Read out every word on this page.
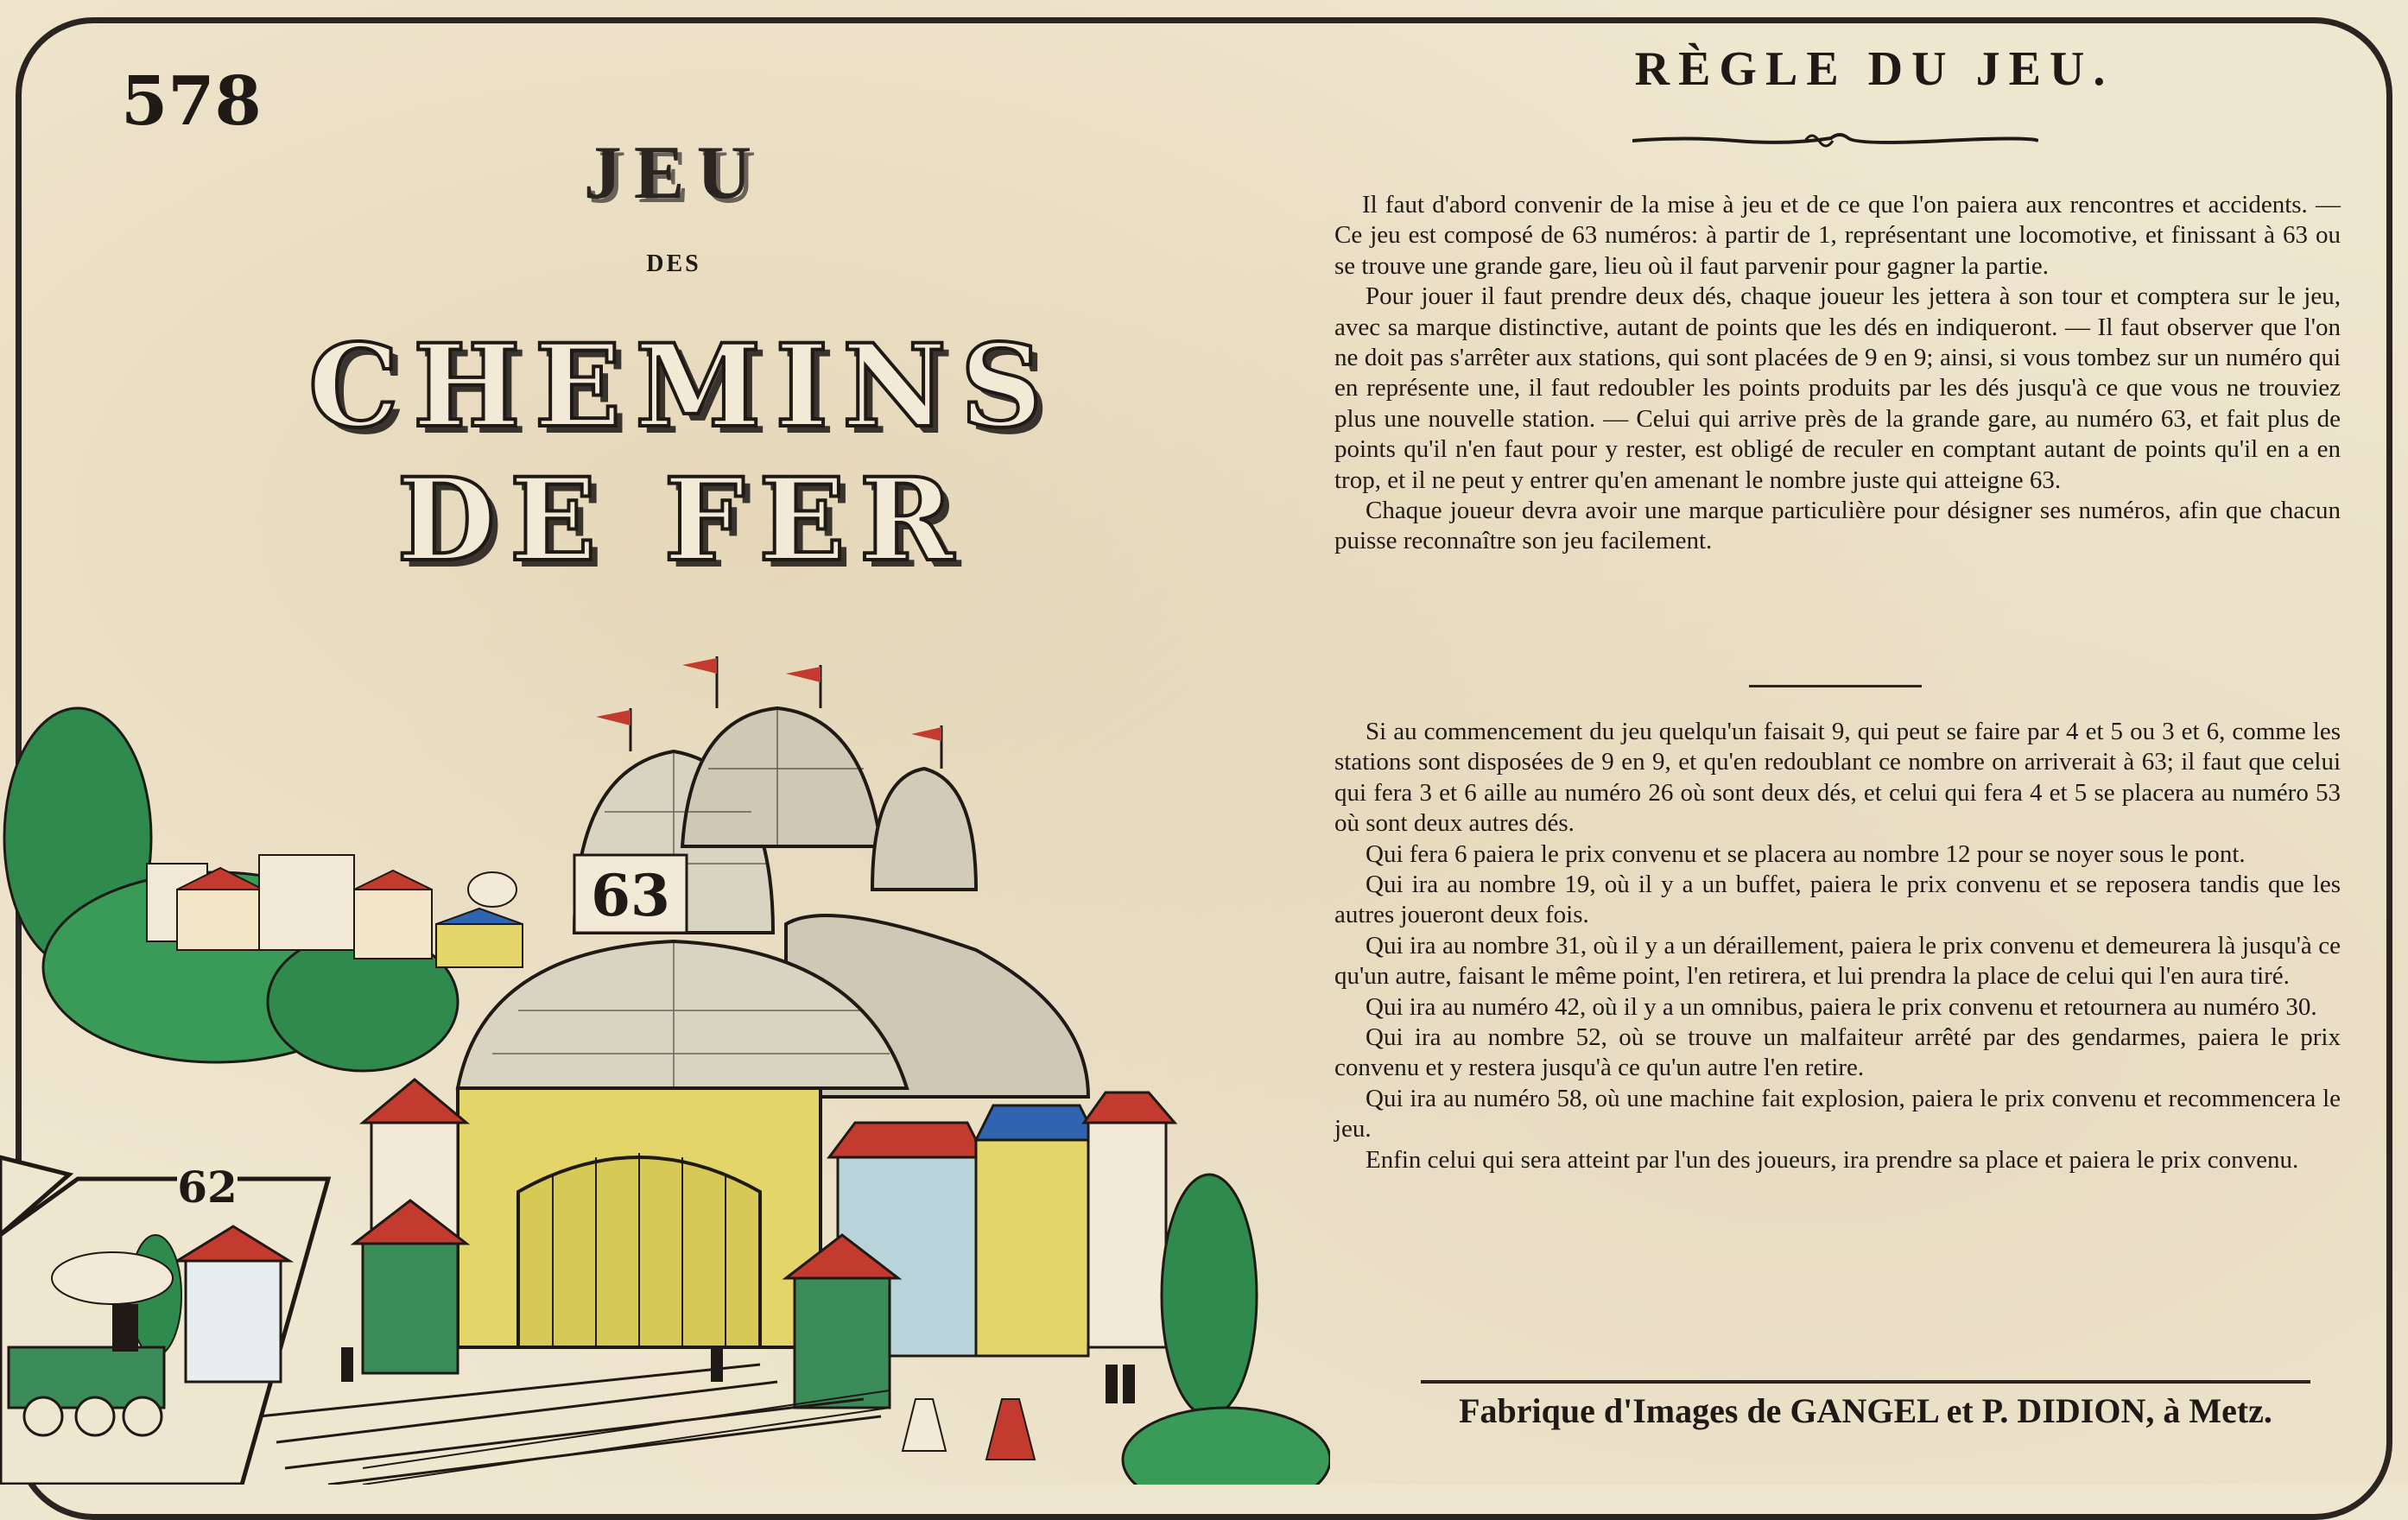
578
JEU
DES
CHEMINS DE FER
RÈGLE DU JEU.

Il faut d'abord convenir de la mise à jeu et de ce que l'on paiera aux rencontres et accidents. — Ce jeu est composé de 63 numéros: à partir de 1, représentant une locomotive, et finissant à 63 ou se trouve une grande gare, lieu où il faut parvenir pour gagner la partie.

Pour jouer il faut prendre deux dés, chaque joueur les jettera à son tour et comptera sur le jeu, avec sa marque distinctive, autant de points que les dés en indiqueront. — Il faut observer que l'on ne doit pas s'arrêter aux stations, qui sont placées de 9 en 9; ainsi, si vous tombez sur un numéro qui en représente une, il faut redoubler les points produits par les dés jusqu'à ce que vous ne trouviez plus une nouvelle station. — Celui qui arrive près de la grande gare, au numéro 63, et fait plus de points qu'il n'en faut pour y rester, est obligé de reculer en comptant autant de points qu'il en a en trop, et il ne peut y entrer qu'en amenant le nombre juste qui atteigne 63.

Chaque joueur devra avoir une marque particulière pour désigner ses numéros, afin que chacun puisse reconnaître son jeu facilement.

Si au commencement du jeu quelqu'un faisait 9, qui peut se faire par 4 et 5 ou 3 et 6, comme les stations sont disposées de 9 en 9, et qu'en redoublant ce nombre on arriverait à 63; il faut que celui qui fera 3 et 6 aille au numéro 26 où sont deux dés, et celui qui fera 4 et 5 se placera au numéro 53 où sont deux autres dés.

Qui fera 6 paiera le prix convenu et se placera au nombre 12 pour se noyer sous le pont.

Qui ira au nombre 19, où il y a un buffet, paiera le prix convenu et se reposera tandis que les autres joueront deux fois.

Qui ira au nombre 31, où il y a un déraillement, paiera le prix convenu et demeurera là jusqu'à ce qu'un autre, faisant le même point, l'en retirera, et lui prendra la place de celui qui l'en aura tiré.

Qui ira au numéro 42, où il y a un omnibus, paiera le prix convenu et retournera au numéro 30.

Qui ira au nombre 52, où se trouve un malfaiteur arrêté par des gendarmes, paiera le prix convenu et y restera jusqu'à ce qu'un autre l'en retire.

Qui ira au numéro 58, où une machine fait explosion, paiera le prix convenu et recommencera le jeu.

Enfin celui qui sera atteint par l'un des joueurs, ira prendre sa place et paiera le prix convenu.

Fabrique d'Images de GANGEL et P. DIDION, à Metz.
63
62
